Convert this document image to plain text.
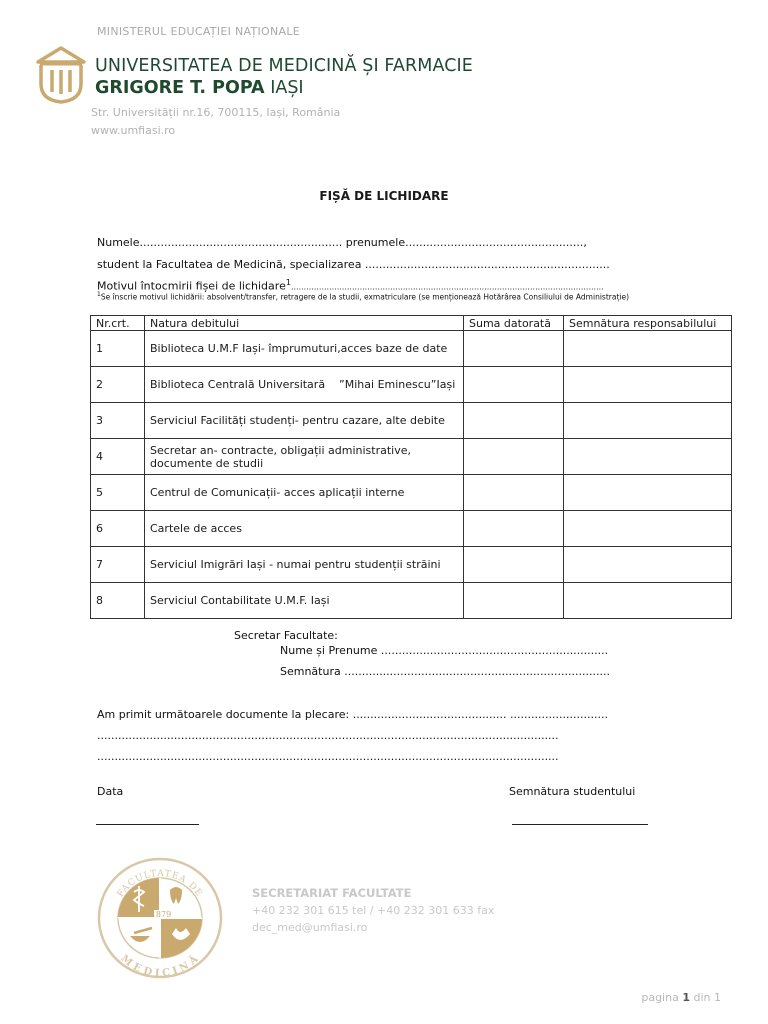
MINISTERUL EDUCAȚIEI NAȚIONALE
UNIVERSITATEA DE MEDICINĂ ȘI FARMACIE
GRIGORE T. POPA IAȘI
Str. Universității nr.16, 700115, Iași, România
www.umfiasi.ro
FIȘĂ DE LICHIDARE
Numele.......................................................... prenumele...................................................,
student la Facultatea de Medicină, specializarea ......................................................................
Motivul întocmirii fișei de lichidare$^1$...........................................................................................................................
$^1$Se înscrie motivul lichidării: absolvent/transfer, retragere de la studii, exmatriculare (se menționează Hotărârea Consiliului de Administrație)
Nr.crt.	Natura debitului	Suma datorată	Semnătura responsabilului
1	Biblioteca U.M.F Iași- împrumuturi,acces baze de date		
2	Biblioteca Centrală Universitară    ”Mihai Eminescu”Iași		
3	Serviciul Facilități studenți- pentru cazare, alte debite		
4	Secretar an- contracte, obligații administrative, documente de studii		
5	Centrul de Comunicații- acces aplicații interne		
6	Cartele de acces		
7	Serviciul Imigrări Iași - numai pentru studenții străini		
8	Serviciul Contabilitate U.M.F. Iași		
Secretar Facultate:
Nume și Prenume .................................................................
Semnătura ............................................................................
Am primit următoarele documente la plecare: ............................................ ............................
....................................................................................................................................
....................................................................................................................................
Data	Semnătura studentului
1879
FACULTATEA DE
MEDICINĂ
SECRETARIAT FACULTATE
+40 232 301 615 tel / +40 232 301 633 fax
dec_med@umfiasi.ro
pagina 1 din 1
